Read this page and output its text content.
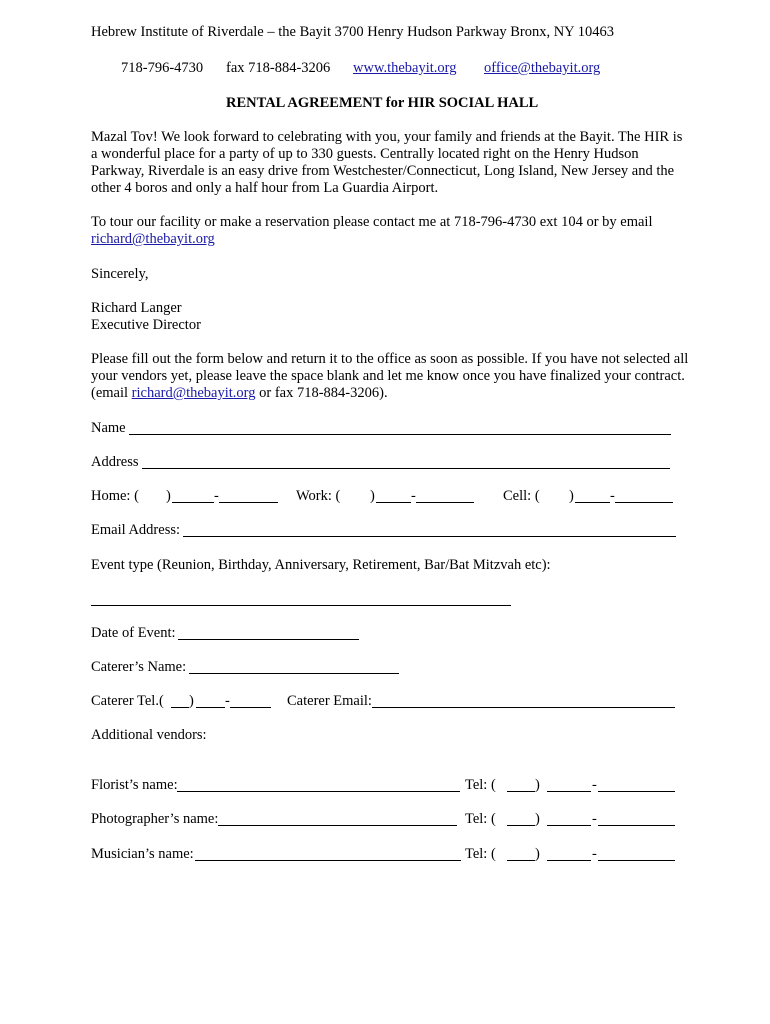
Hebrew Institute of Riverdale – the Bayit 3700 Henry Hudson Parkway Bronx, NY 10463
718-796-4730 fax 718-884-3206 www.thebayit.org office@thebayit.org
RENTAL AGREEMENT for HIR SOCIAL HALL
Mazal Tov! We look forward to celebrating with you, your family and friends at the Bayit. The HIR is a wonderful place for a party of up to 330 guests. Centrally located right on the Henry Hudson Parkway, Riverdale is an easy drive from Westchester/Connecticut, Long Island, New Jersey and the other 4 boros and only a half hour from La Guardia Airport.
To tour our facility or make a reservation please contact me at 718-796-4730 ext 104 or by email
richard@thebayit.org
Sincerely,
Richard Langer
Executive Director
Please fill out the form below and return it to the office as soon as possible. If you have not selected all your vendors yet, please leave the space blank and let me know once you have finalized your contract. (email richard@thebayit.org or fax 718-884-3206).
Name
Address
Home: ( )	-	Work: ( ) -	Cell: ( ) -
Email Address:
Event type (Reunion, Birthday, Anniversary, Retirement, Bar/Bat Mitzvah etc):
Date of Event:
Caterer’s Name:
Caterer Tel.( ) -	Caterer Email:
Additional vendors:
Florist’s name:	Tel: (	)	-
Photographer’s name:	Tel: (	)	-
Musician’s name:	Tel: (	)	-
